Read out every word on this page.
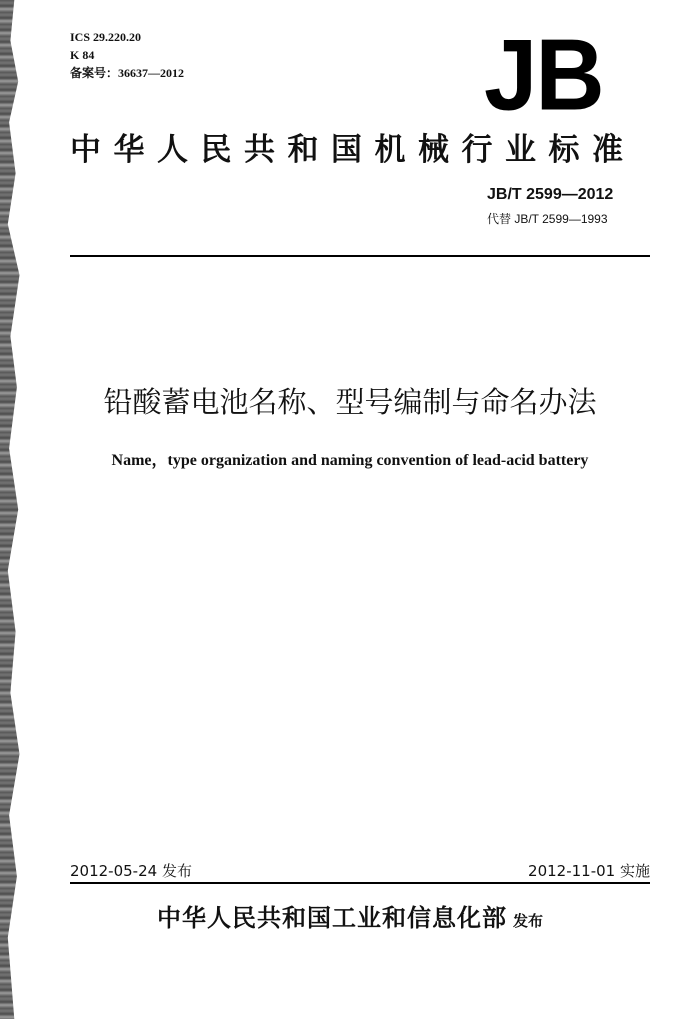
ICS 29.220.20
K 84
备案号：36637—2012	JB
中华人民共和国机械行业标准
JB/T 2599—2012
代替 JB/T 2599—1993
铅酸蓄电池名称、型号编制与命名办法
Name，type organization and naming convention of lead-acid battery
2012-05-24 发布	2012-11-01 实施
中华人民共和国工业和信息化部 发布
